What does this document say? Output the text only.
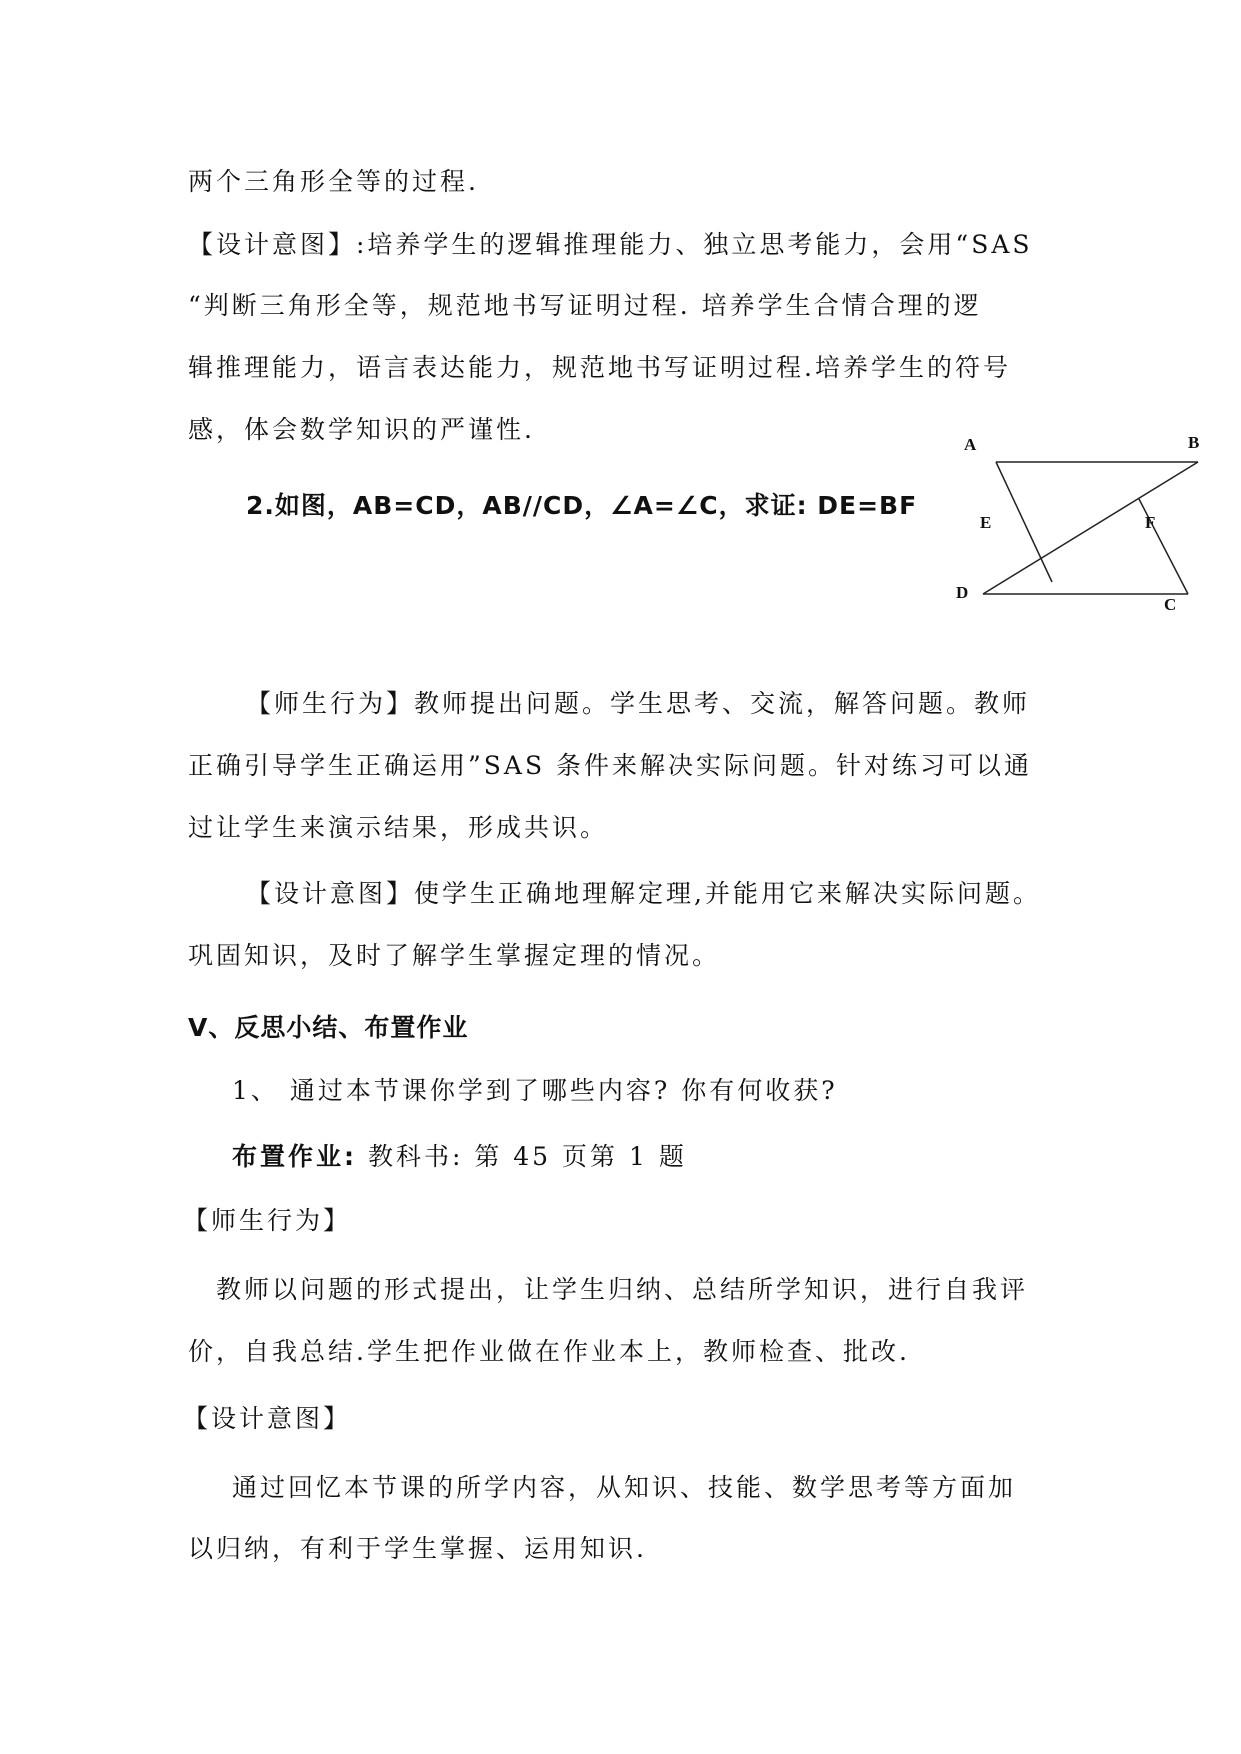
两个三角形全等的过程.
【设计意图】:培养学生的逻辑推理能力、独立思考能力，会用“SAS
“判断三角形全等，规范地书写证明过程. 培养学生合情合理的逻
辑推理能力，语言表达能力，规范地书写证明过程.培养学生的符号
感，体会数学知识的严谨性.
2.如图，AB=CD，AB//CD，∠A=∠C，求证: DE=BF
A	B
E	F
D
C
【师生行为】教师提出问题。学生思考、交流，解答问题。教师
正确引导学生正确运用”SAS 条件来解决实际问题。针对练习可以通
过让学生来演示结果，形成共识。
【设计意图】使学生正确地理解定理,并能用它来解决实际问题。
巩固知识，及时了解学生掌握定理的情况。
V、反思小结、布置作业
1、 通过本节课你学到了哪些内容? 你有何收获?
布置作业: 教科书: 第 45 页第 1 题
【师生行为】
教师以问题的形式提出，让学生归纳、总结所学知识，进行自我评
价，自我总结.学生把作业做在作业本上，教师检查、批改.
【设计意图】
通过回忆本节课的所学内容，从知识、技能、数学思考等方面加
以归纳，有利于学生掌握、运用知识.
